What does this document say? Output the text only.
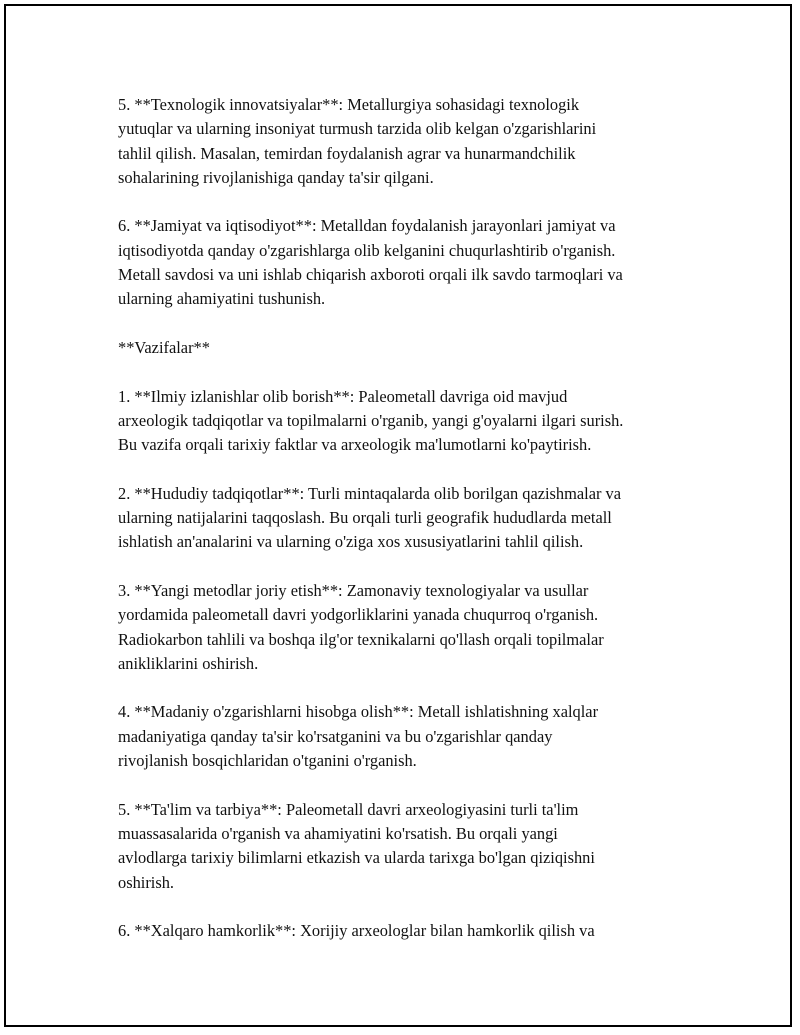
5. **Texnologik innovatsiyalar**: Metallurgiya sohasidagi texnologik
yutuqlar va ularning insoniyat turmush tarzida olib kelgan o'zgarishlarini
tahlil qilish. Masalan, temirdan foydalanish agrar va hunarmandchilik
sohalarining rivojlanishiga qanday ta'sir qilgani.

6. **Jamiyat va iqtisodiyot**: Metalldan foydalanish jarayonlari jamiyat va
iqtisodiyotda qanday o'zgarishlarga olib kelganini chuqurlashtirib o'rganish.
Metall savdosi va uni ishlab chiqarish axboroti orqali ilk savdo tarmoqlari va
ularning ahamiyatini tushunish.

**Vazifalar**

1. **Ilmiy izlanishlar olib borish**: Paleometall davriga oid mavjud
arxeologik tadqiqotlar va topilmalarni o'rganib, yangi g'oyalarni ilgari surish.
Bu vazifa orqali tarixiy faktlar va arxeologik ma'lumotlarni ko'paytirish.

2. **Hududiy tadqiqotlar**: Turli mintaqalarda olib borilgan qazishmalar va
ularning natijalarini taqqoslash. Bu orqali turli geografik hududlarda metall
ishlatish an'analarini va ularning o'ziga xos xususiyatlarini tahlil qilish.

3. **Yangi metodlar joriy etish**: Zamonaviy texnologiyalar va usullar
yordamida paleometall davri yodgorliklarini yanada chuqurroq o'rganish.
Radiokarbon tahlili va boshqa ilg'or texnikalarni qo'llash orqali topilmalar
anikliklarini oshirish.

4. **Madaniy o'zgarishlarni hisobga olish**: Metall ishlatishning xalqlar
madaniyatiga qanday ta'sir ko'rsatganini va bu o'zgarishlar qanday
rivojlanish bosqichlaridan o'tganini o'rganish.

5. **Ta'lim va tarbiya**: Paleometall davri arxeologiyasini turli ta'lim
muassasalarida o'rganish va ahamiyatini ko'rsatish. Bu orqali yangi
avlodlarga tarixiy bilimlarni etkazish va ularda tarixga bo'lgan qiziqishni
oshirish.

6. **Xalqaro hamkorlik**: Xorijiy arxeologlar bilan hamkorlik qilish va
